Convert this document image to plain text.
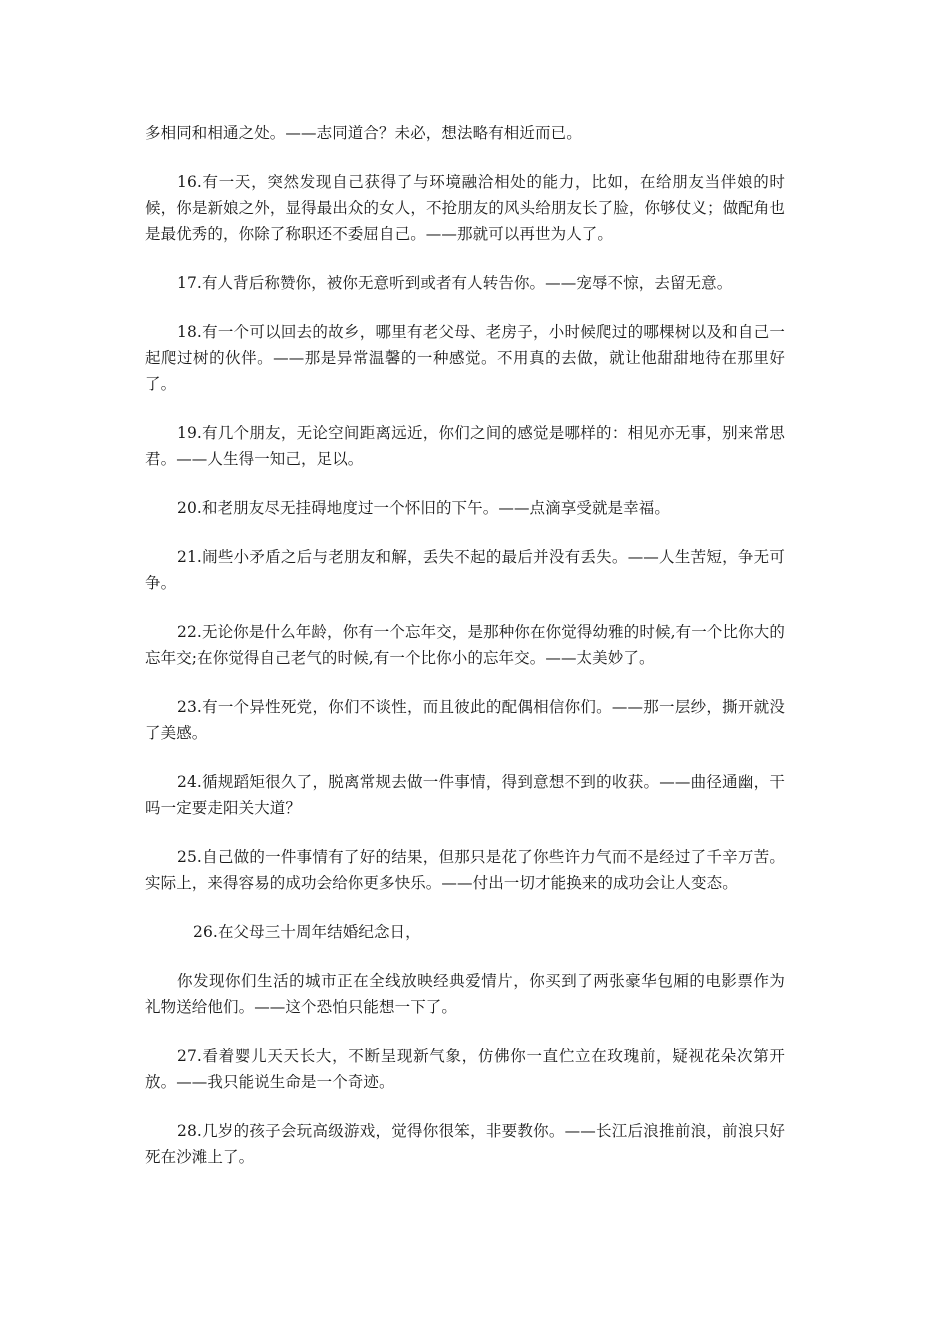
多相同和相通之处。——志同道合？未必，想法略有相近而已。

16.有一天，突然发现自己获得了与环境融洽相处的能力，比如，在给朋友当伴娘的时候，你是新娘之外，显得最出众的女人，不抢朋友的风头给朋友长了脸，你够仗义；做配角也是最优秀的，你除了称职还不委屈自己。——那就可以再世为人了。

17.有人背后称赞你，被你无意听到或者有人转告你。——宠辱不惊，去留无意。

18.有一个可以回去的故乡，哪里有老父母、老房子，小时候爬过的哪棵树以及和自己一起爬过树的伙伴。——那是异常温馨的一种感觉。不用真的去做，就让他甜甜地待在那里好了。

19.有几个朋友，无论空间距离远近，你们之间的感觉是哪样的：相见亦无事，别来常思君。——人生得一知己，足以。

20.和老朋友尽无挂碍地度过一个怀旧的下午。——点滴享受就是幸福。

21.闹些小矛盾之后与老朋友和解，丢失不起的最后并没有丢失。——人生苦短，争无可争。

22.无论你是什么年龄，你有一个忘年交，是那种你在你觉得幼雅的时候,有一个比你大的忘年交;在你觉得自己老气的时候,有一个比你小的忘年交。——太美妙了。

23.有一个异性死党，你们不谈性，而且彼此的配偶相信你们。——那一层纱，撕开就没了美感。

24.循规蹈矩很久了，脱离常规去做一件事情，得到意想不到的收获。——曲径通幽，干吗一定要走阳关大道？

25.自己做的一件事情有了好的结果，但那只是花了你些许力气而不是经过了千辛万苦。实际上，来得容易的成功会给你更多快乐。——付出一切才能换来的成功会让人变态。

26.在父母三十周年结婚纪念日，

你发现你们生活的城市正在全线放映经典爱情片，你买到了两张豪华包厢的电影票作为礼物送给他们。——这个恐怕只能想一下了。

27.看着婴儿天天长大，不断呈现新气象，仿佛你一直伫立在玫瑰前，疑视花朵次第开放。——我只能说生命是一个奇迹。

28.几岁的孩子会玩高级游戏，觉得你很笨，非要教你。——长江后浪推前浪，前浪只好死在沙滩上了。
